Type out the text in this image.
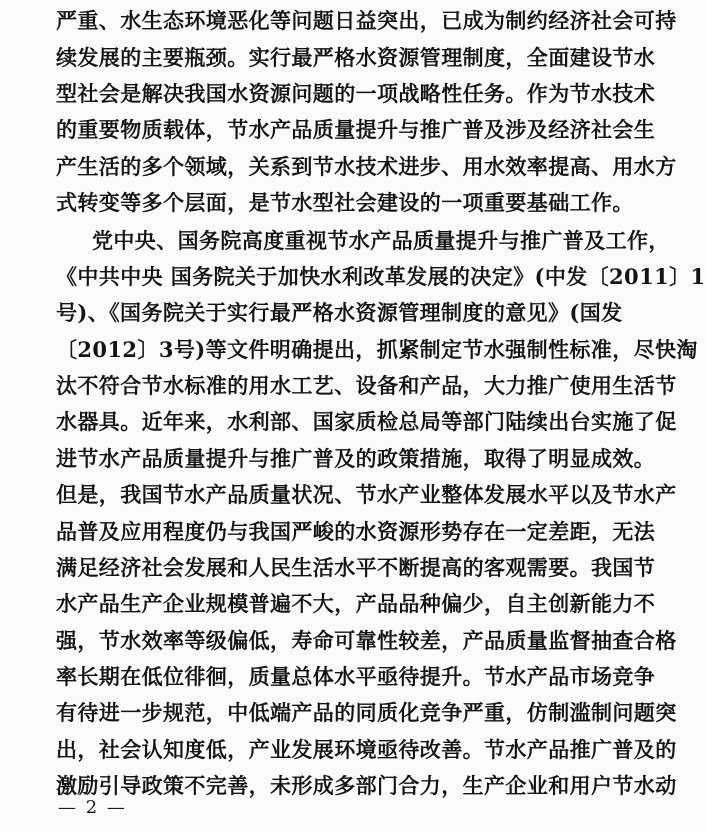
严重、水生态环境恶化等问题日益突出，已成为制约经济社会可持
续发展的主要瓶颈。实行最严格水资源管理制度，全面建设节水
型社会是解决我国水资源问题的一项战略性任务。作为节水技术
的重要物质载体，节水产品质量提升与推广普及涉及经济社会生
产生活的多个领域，关系到节水技术进步、用水效率提高、用水方
式转变等多个层面，是节水型社会建设的一项重要基础工作。
党中央、国务院高度重视节水产品质量提升与推广普及工作，
《中共中央 国务院关于加快水利改革发展的决定》(中发〔2011〕1
号)、《国务院关于实行最严格水资源管理制度的意见》(国发
〔2012〕3号)等文件明确提出，抓紧制定节水强制性标准，尽快淘
汰不符合节水标准的用水工艺、设备和产品，大力推广使用生活节
水器具。近年来，水利部、国家质检总局等部门陆续出台实施了促
进节水产品质量提升与推广普及的政策措施，取得了明显成效。
但是，我国节水产品质量状况、节水产业整体发展水平以及节水产
品普及应用程度仍与我国严峻的水资源形势存在一定差距，无法
满足经济社会发展和人民生活水平不断提高的客观需要。我国节
水产品生产企业规模普遍不大，产品品种偏少，自主创新能力不
强，节水效率等级偏低，寿命可靠性较差，产品质量监督抽查合格
率长期在低位徘徊，质量总体水平亟待提升。节水产品市场竞争
有待进一步规范，中低端产品的同质化竞争严重，仿制滥制问题突
出，社会认知度低，产业发展环境亟待改善。节水产品推广普及的
激励引导政策不完善，未形成多部门合力，生产企业和用户节水动
— 2 —
